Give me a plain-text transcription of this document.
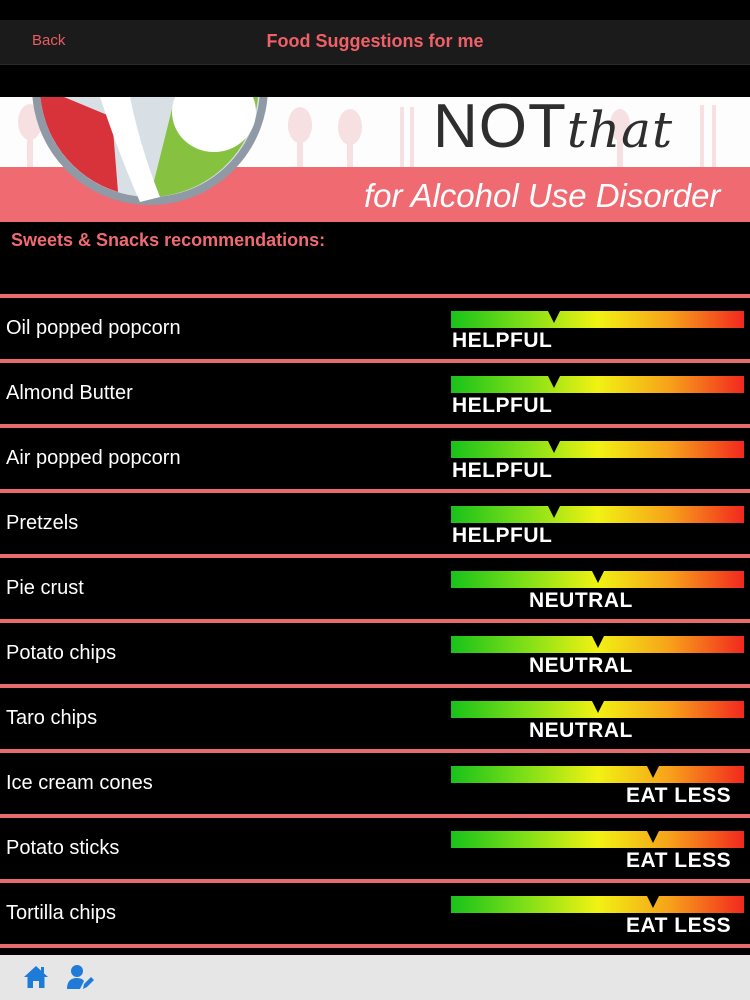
Back	Food Suggestions for me
NOTthat
for Alcohol Use Disorder
Sweets & Snacks recommendations:
Oil popped popcorn
HELPFUL
Almond Butter
HELPFUL
Air popped popcorn
HELPFUL
Pretzels
HELPFUL
Pie crust
NEUTRAL
Potato chips
NEUTRAL
Taro chips
NEUTRAL
Ice cream cones
EAT LESS
Potato sticks
EAT LESS
Tortilla chips
EAT LESS
